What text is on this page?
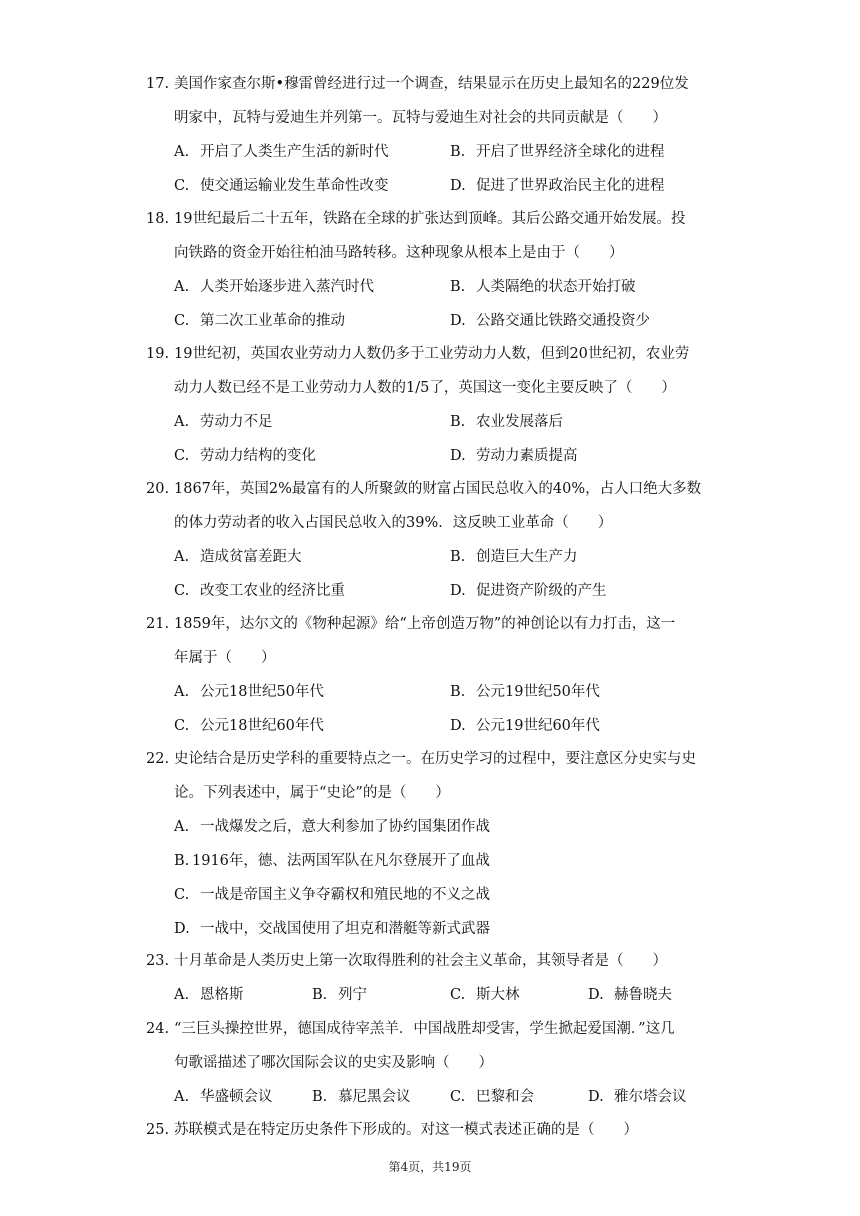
17. 美国作家查尔斯•穆雷曾经进行过一个调查，结果显示在历史上最知名的229位发
明家中，瓦特与爱迪生并列第一。瓦特与爱迪生对社会的共同贡献是（　　）
A. 开启了人类生产生活的新时代	B. 开启了世界经济全球化的进程
C. 使交通运输业发生革命性改变	D. 促进了世界政治民主化的进程
18. 19世纪最后二十五年，铁路在全球的扩张达到顶峰。其后公路交通开始发展。投
向铁路的资金开始往柏油马路转移。这种现象从根本上是由于（　　）
A. 人类开始逐步进入蒸汽时代	B. 人类隔绝的状态开始打破
C. 第二次工业革命的推动	D. 公路交通比铁路交通投资少
19. 19世纪初，英国农业劳动力人数仍多于工业劳动力人数，但到20世纪初，农业劳
动力人数已经不是工业劳动力人数的1/5了，英国这一变化主要反映了（　　）
A. 劳动力不足	B. 农业发展落后
C. 劳动力结构的变化	D. 劳动力素质提高
20. 1867年，英国2%最富有的人所聚敛的财富占国民总收入的40%，占人口绝大多数
的体力劳动者的收入占国民总收入的39%．这反映工业革命（　　）
A. 造成贫富差距大	B. 创造巨大生产力
C. 改变工农业的经济比重	D. 促进资产阶级的产生
21. 1859年，达尔文的《物种起源》给“上帝创造万物”的神创论以有力打击，这一
年属于（　　）
A. 公元18世纪50年代	B. 公元19世纪50年代
C. 公元18世纪60年代	D. 公元19世纪60年代
22. 史论结合是历史学科的重要特点之一。在历史学习的过程中，要注意区分史实与史
论。下列表述中，属于“史论”的是（　　）
A. 一战爆发之后，意大利参加了协约国集团作战
B. 1916年，德、法两国军队在凡尔登展开了血战
C. 一战是帝国主义争夺霸权和殖民地的不义之战
D. 一战中，交战国使用了坦克和潜艇等新式武器
23. 十月革命是人类历史上第一次取得胜利的社会主义革命，其领导者是（　　）
A. 恩格斯	B. 列宁	C. 斯大林	D. 赫鲁晓夫
24. “三巨头操控世界，德国成待宰羔羊．中国战胜却受害，学生掀起爱国潮．”这几
句歌谣描述了哪次国际会议的史实及影响（　　）
A. 华盛顿会议	B. 慕尼黑会议	C. 巴黎和会	D. 雅尔塔会议
25. 苏联模式是在特定历史条件下形成的。对这一模式表述正确的是（　　）
第4页，共19页
